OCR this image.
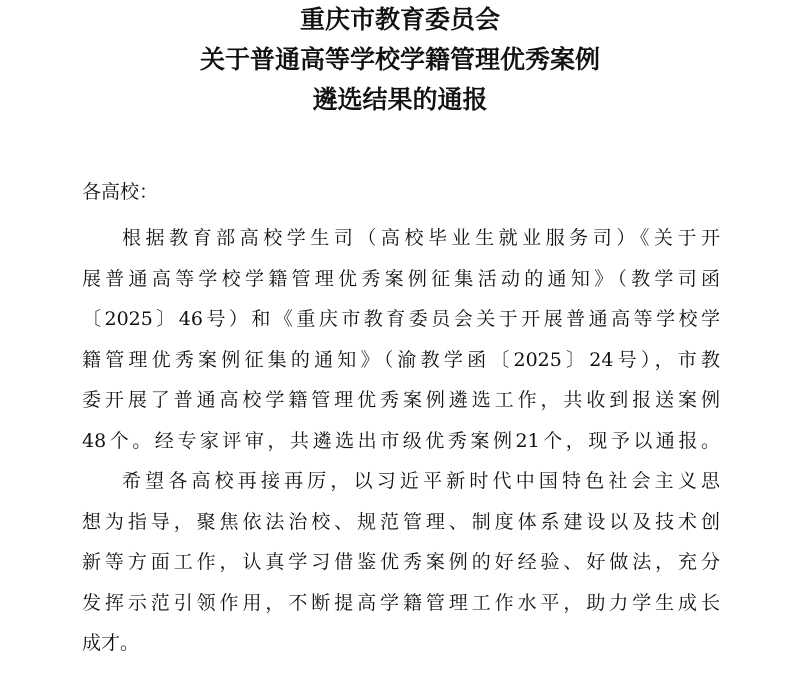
重庆市教育委员会
关于普通高等学校学籍管理优秀案例
遴选结果的通报
各高校：
根据教育部高校学生司（高校毕业生就业服务司）《关于开
展普通高等学校学籍管理优秀案例征集活动的通知》（教学司函
〔2025〕46号）和《重庆市教育委员会关于开展普通高等学校学
籍管理优秀案例征集的通知》（渝教学函〔2025〕24号），市教
委开展了普通高校学籍管理优秀案例遴选工作，共收到报送案例
48个。经专家评审，共遴选出市级优秀案例21个，现予以通报。
希望各高校再接再厉，以习近平新时代中国特色社会主义思
想为指导，聚焦依法治校、规范管理、制度体系建设以及技术创
新等方面工作，认真学习借鉴优秀案例的好经验、好做法，充分
发挥示范引领作用，不断提高学籍管理工作水平，助力学生成长
成才。
